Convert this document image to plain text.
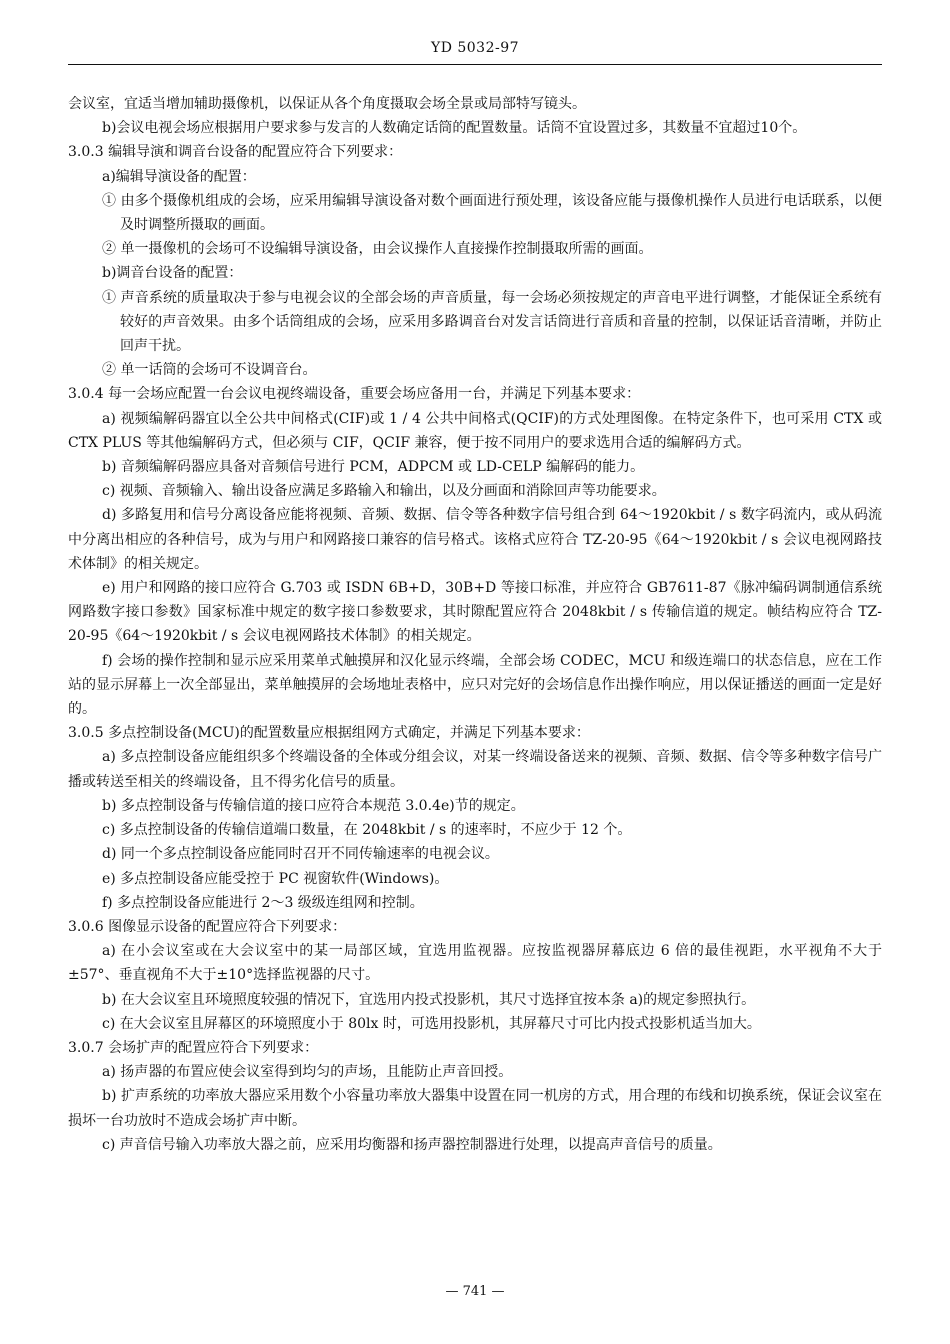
YD 5032-97

会议室，宜适当增加辅助摄像机，以保证从各个角度摄取会场全景或局部特写镜头。

b)会议电视会场应根据用户要求参与发言的人数确定话筒的配置数量。话筒不宜设置过多，其数量不宜超过10个。

3.0.3 编辑导演和调音台设备的配置应符合下列要求：

a)编辑导演设备的配置：

① 由多个摄像机组成的会场，应采用编辑导演设备对数个画面进行预处理，该设备应能与摄像机操作人员进行电话联系，以便及时调整所摄取的画面。

② 单一摄像机的会场可不设编辑导演设备，由会议操作人直接操作控制摄取所需的画面。

b)调音台设备的配置：

① 声音系统的质量取决于参与电视会议的全部会场的声音质量，每一会场必须按规定的声音电平进行调整，才能保证全系统有较好的声音效果。由多个话筒组成的会场，应采用多路调音台对发言话筒进行音质和音量的控制，以保证话音清晰，并防止回声干扰。

② 单一话筒的会场可不设调音台。

3.0.4 每一会场应配置一台会议电视终端设备，重要会场应备用一台，并满足下列基本要求：

a) 视频编解码器宜以全公共中间格式(CIF)或 1 / 4 公共中间格式(QCIF)的方式处理图像。在特定条件下，也可采用 CTX 或 CTX PLUS 等其他编解码方式，但必须与 CIF，QCIF 兼容，便于按不同用户的要求选用合适的编解码方式。

b) 音频编解码器应具备对音频信号进行 PCM，ADPCM 或 LD-CELP 编解码的能力。

c) 视频、音频输入、输出设备应满足多路输入和输出，以及分画面和消除回声等功能要求。

d) 多路复用和信号分离设备应能将视频、音频、数据、信令等各种数字信号组合到 64～1920kbit / s 数字码流内，或从码流中分离出相应的各种信号，成为与用户和网路接口兼容的信号格式。该格式应符合 TZ-20-95《64～1920kbit / s 会议电视网路技术体制》的相关规定。

e) 用户和网路的接口应符合 G.703 或 ISDN 6B+D，30B+D 等接口标准，并应符合 GB7611-87《脉冲编码调制通信系统网路数字接口参数》国家标准中规定的数字接口参数要求，其时隙配置应符合 2048kbit / s 传输信道的规定。帧结构应符合 TZ-20-95《64～1920kbit / s 会议电视网路技术体制》的相关规定。

f) 会场的操作控制和显示应采用菜单式触摸屏和汉化显示终端，全部会场 CODEC，MCU 和级连端口的状态信息，应在工作站的显示屏幕上一次全部显出，菜单触摸屏的会场地址表格中，应只对完好的会场信息作出操作响应，用以保证播送的画面一定是好的。

3.0.5 多点控制设备(MCU)的配置数量应根据组网方式确定，并满足下列基本要求：

a) 多点控制设备应能组织多个终端设备的全体或分组会议，对某一终端设备送来的视频、音频、数据、信令等多种数字信号广播或转送至相关的终端设备，且不得劣化信号的质量。

b) 多点控制设备与传输信道的接口应符合本规范 3.0.4e)节的规定。

c) 多点控制设备的传输信道端口数量，在 2048kbit / s 的速率时，不应少于 12 个。

d) 同一个多点控制设备应能同时召开不同传输速率的电视会议。

e) 多点控制设备应能受控于 PC 视窗软件(Windows)。

f) 多点控制设备应能进行 2～3 级级连组网和控制。

3.0.6 图像显示设备的配置应符合下列要求：

a) 在小会议室或在大会议室中的某一局部区域，宜选用监视器。应按监视器屏幕底边 6 倍的最佳视距，水平视角不大于±57°、垂直视角不大于±10°选择监视器的尺寸。

b) 在大会议室且环境照度较强的情况下，宜选用内投式投影机，其尺寸选择宜按本条 a)的规定参照执行。

c) 在大会议室且屏幕区的环境照度小于 80lx 时，可选用投影机，其屏幕尺寸可比内投式投影机适当加大。

3.0.7 会场扩声的配置应符合下列要求：

a) 扬声器的布置应使会议室得到均匀的声场，且能防止声音回授。

b) 扩声系统的功率放大器应采用数个小容量功率放大器集中设置在同一机房的方式，用合理的布线和切换系统，保证会议室在损坏一台功放时不造成会场扩声中断。

c) 声音信号输入功率放大器之前，应采用均衡器和扬声器控制器进行处理，以提高声音信号的质量。

— 741 —
